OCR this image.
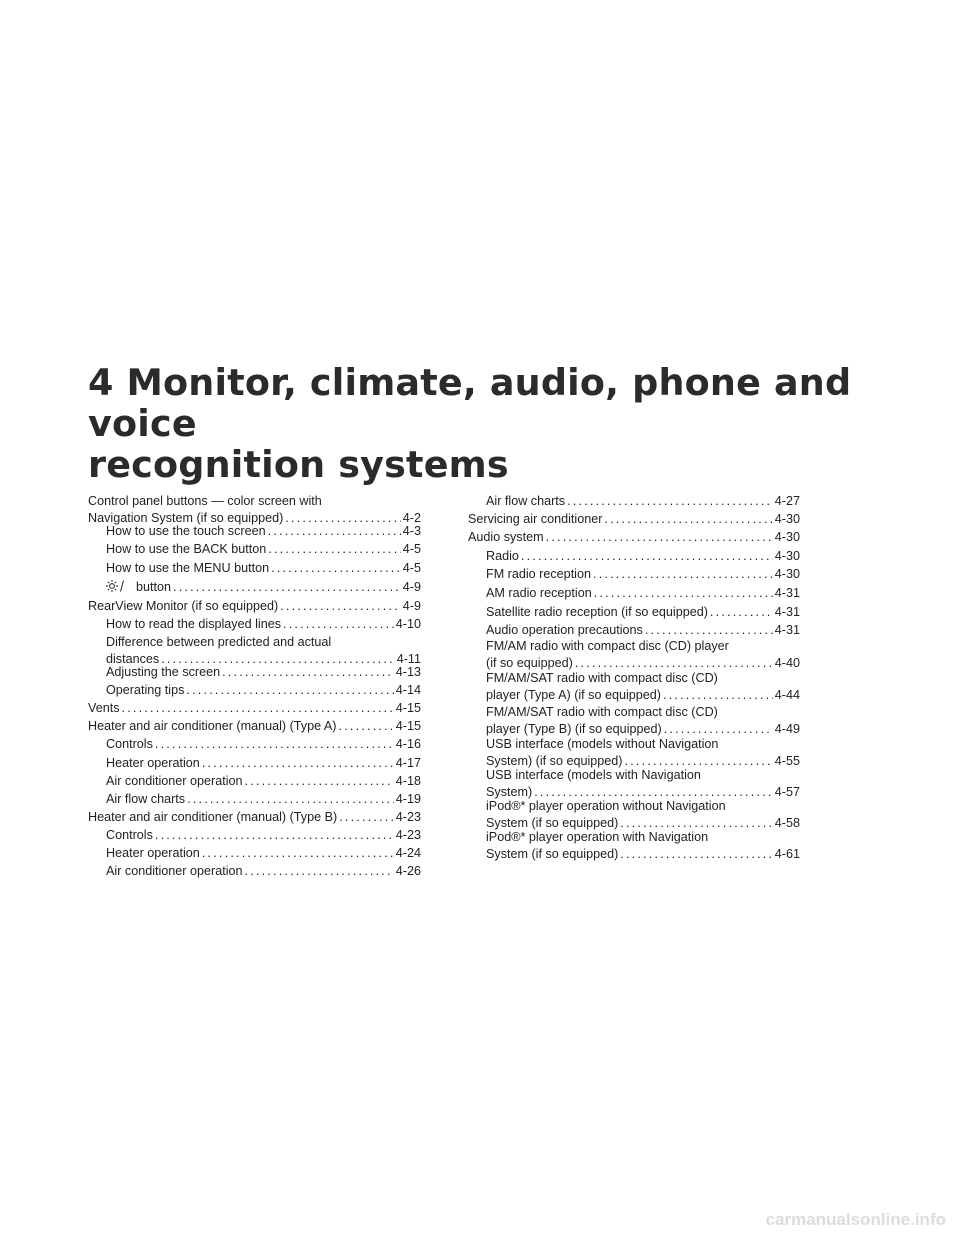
4 Monitor, climate, audio, phone and voice
recognition systems
Control panel buttons — color screen with
Navigation System (if so equipped) .....	4-2
How to use the touch screen .....	4-3
How to use the BACK button .....	4-5
How to use the MENU button .....	4-5
button .....	4-9
RearView Monitor (if so equipped) .....	4-9
How to read the displayed lines .....	4-10
Difference between predicted and actual
distances .....	4-11
Adjusting the screen .....	4-13
Operating tips .....	4-14
Vents .....	4-15
Heater and air conditioner (manual) (Type A) .....	4-15
Controls .....	4-16
Heater operation .....	4-17
Air conditioner operation .....	4-18
Air flow charts .....	4-19
Heater and air conditioner (manual) (Type B) .....	4-23
Controls .....	4-23
Heater operation .....	4-24
Air conditioner operation .....	4-26
Air flow charts .....	4-27
Servicing air conditioner .....	4-30
Audio system .....	4-30
Radio .....	4-30
FM radio reception .....	4-30
AM radio reception .....	4-31
Satellite radio reception (if so equipped) .....	4-31
Audio operation precautions .....	4-31
FM/AM radio with compact disc (CD) player
(if so equipped) .....	4-40
FM/AM/SAT radio with compact disc (CD)
player (Type A) (if so equipped) .....	4-44
FM/AM/SAT radio with compact disc (CD)
player (Type B) (if so equipped) .....	4-49
USB interface (models without Navigation
System) (if so equipped) .....	4-55
USB interface (models with Navigation
System) .....	4-57
iPod®* player operation without Navigation
System (if so equipped) .....	4-58
iPod®* player operation with Navigation
System (if so equipped) .....	4-61
carmanualsonline.info
